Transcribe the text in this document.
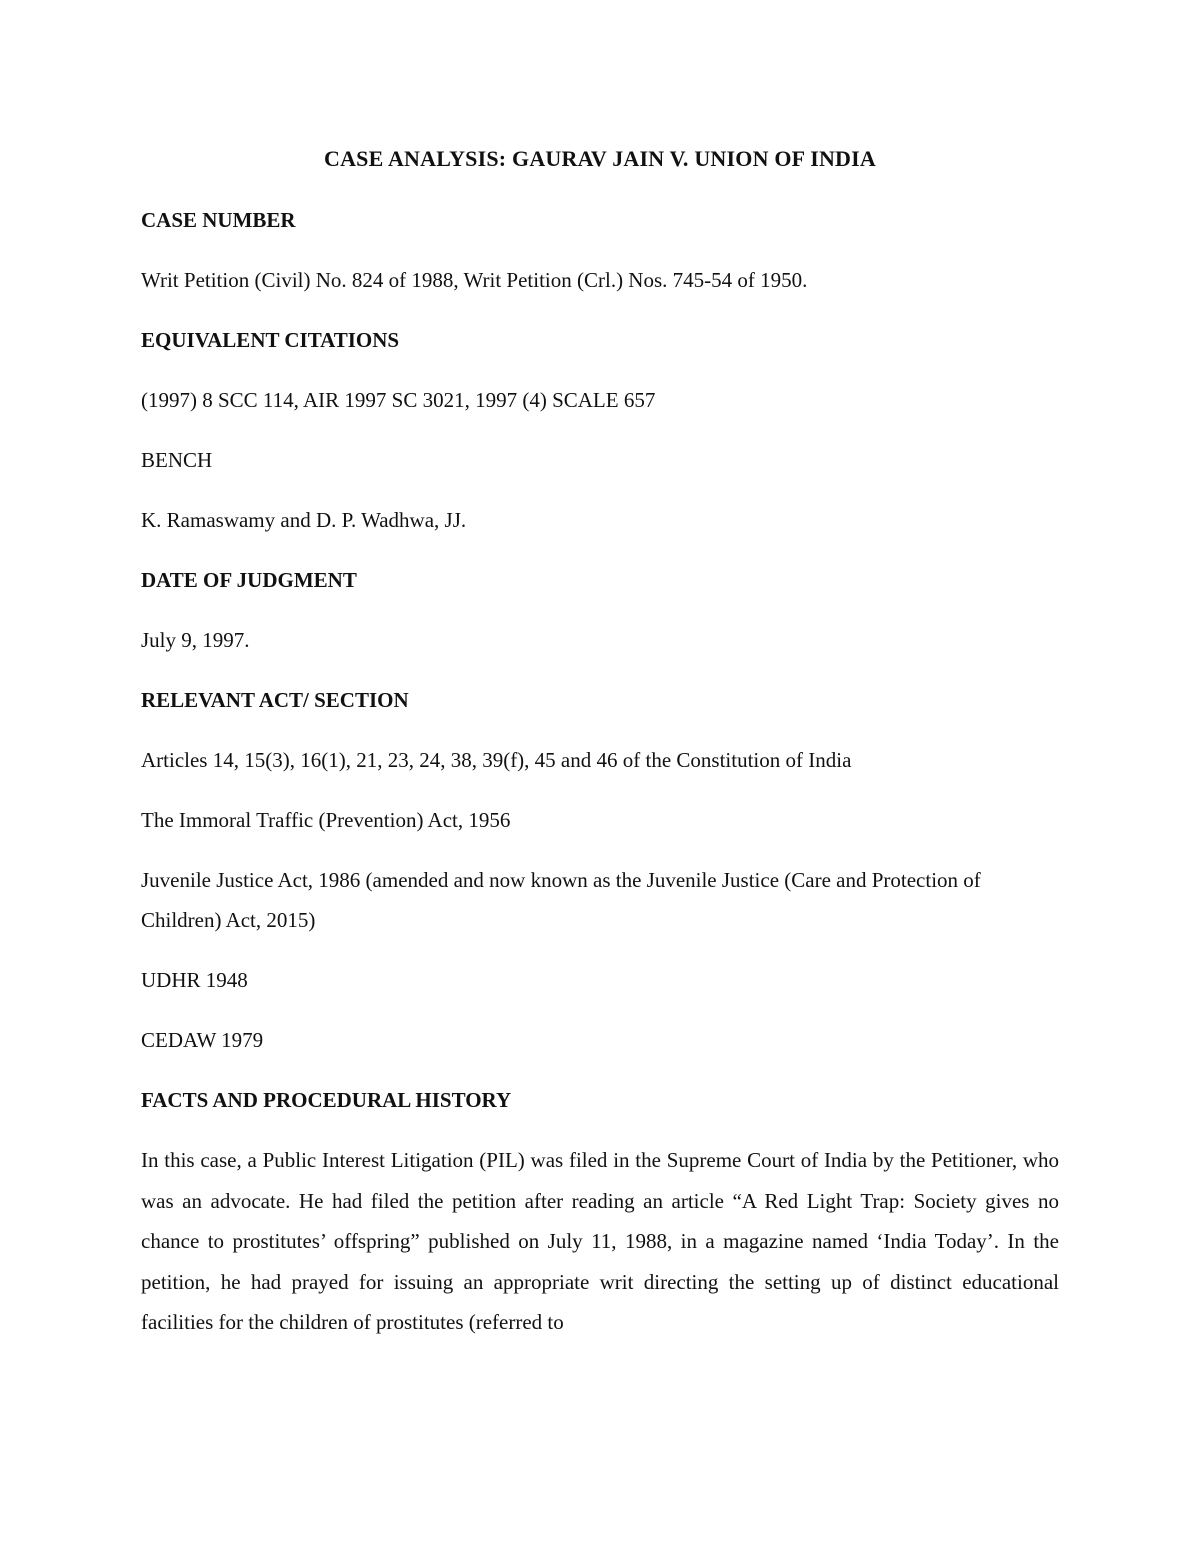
CASE ANALYSIS: GAURAV JAIN V. UNION OF INDIA
CASE NUMBER
Writ Petition (Civil) No. 824 of 1988, Writ Petition (Crl.) Nos. 745-54 of 1950.
EQUIVALENT CITATIONS
(1997) 8 SCC 114, AIR 1997 SC 3021, 1997 (4) SCALE 657
BENCH
K. Ramaswamy and D. P. Wadhwa, JJ.
DATE OF JUDGMENT
July 9, 1997.
RELEVANT ACT/ SECTION
Articles 14, 15(3), 16(1), 21, 23, 24, 38, 39(f), 45 and 46 of the Constitution of India
The Immoral Traffic (Prevention) Act, 1956
Juvenile Justice Act, 1986 (amended and now known as the Juvenile Justice (Care and Protection of Children) Act, 2015)
UDHR 1948
CEDAW 1979
FACTS AND PROCEDURAL HISTORY
In this case, a Public Interest Litigation (PIL) was filed in the Supreme Court of India by the Petitioner, who was an advocate. He had filed the petition after reading an article “A Red Light Trap: Society gives no chance to prostitutes’ offspring” published on July 11, 1988, in a magazine named ‘India Today’. In the petition, he had prayed for issuing an appropriate writ directing the setting up of distinct educational facilities for the children of prostitutes (referred to
